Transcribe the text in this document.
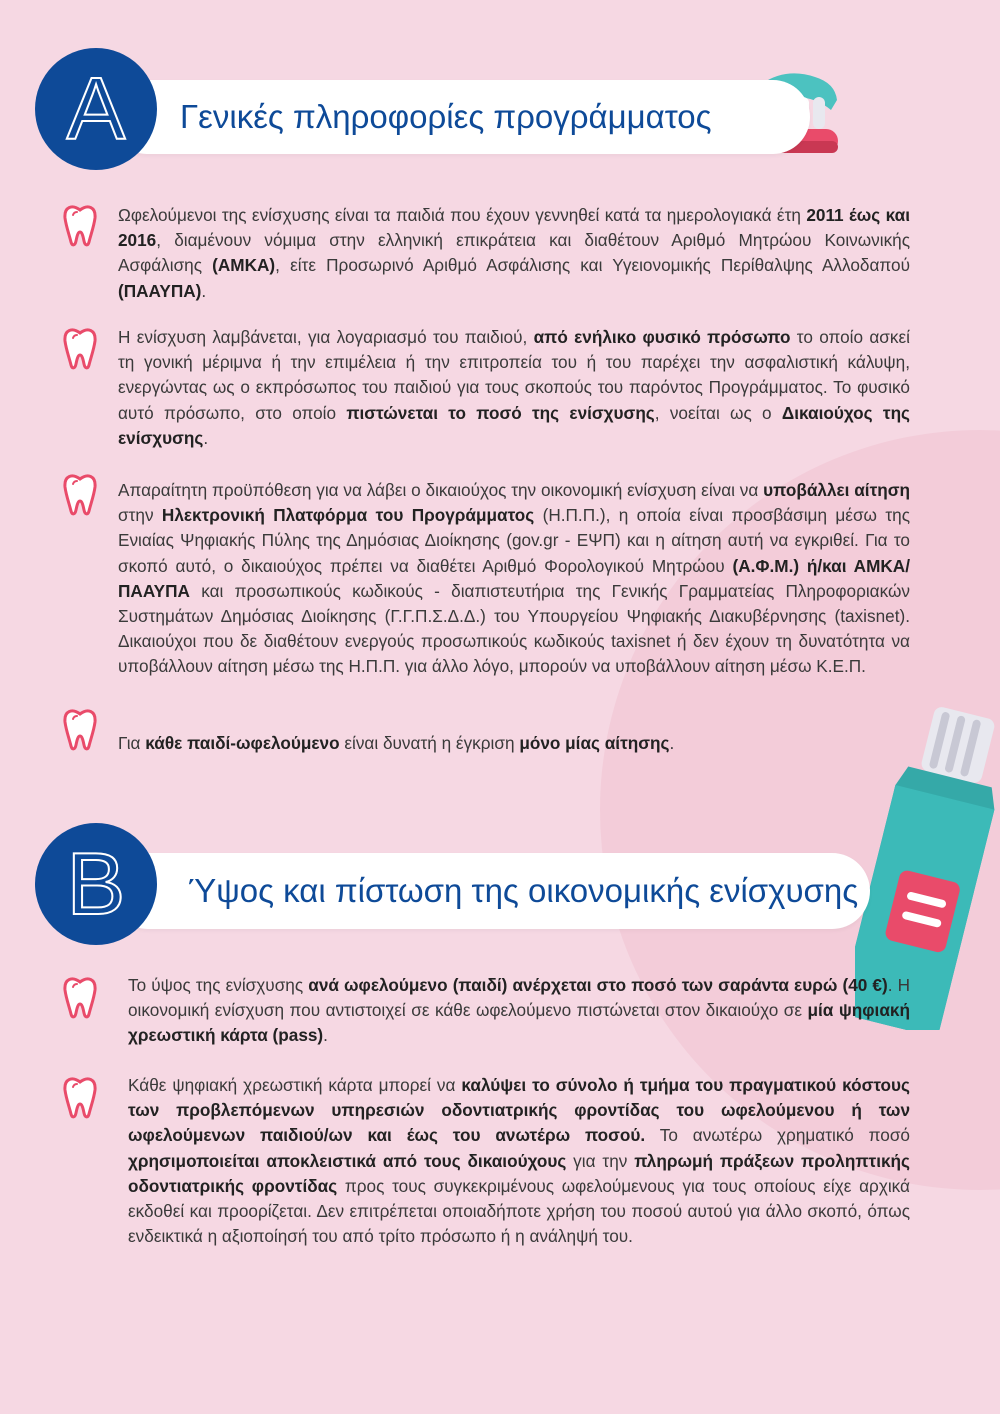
A	Γενικές πληροφορίες προγράμματος
Ωφελούμενοι της ενίσχυσης είναι τα παιδιά που έχουν γεννηθεί κατά τα ημερολογιακά έτη 2011 έως και 2016, διαμένουν νόμιμα στην ελληνική επικράτεια και διαθέτουν Αριθμό Μητρώου Κοινωνικής Ασφάλισης (ΑΜΚΑ), είτε Προσωρινό Αριθμό Ασφάλισης και Υγειονομικής Περίθαλψης Αλλοδαπού (ΠΑΑΥΠΑ).
Η ενίσχυση λαμβάνεται, για λογαριασμό του παιδιού, από ενήλικο φυσικό πρόσωπο το οποίο ασκεί τη γονική μέριμνα ή την επιμέλεια ή την επιτροπεία του ή του παρέχει την ασφαλιστική κάλυψη, ενεργώντας ως ο εκπρόσωπος του παιδιού για τους σκοπούς του παρόντος Προγράμματος. Το φυσικό αυτό πρόσωπο, στο οποίο πιστώνεται το ποσό της ενίσχυσης, νοείται ως ο Δικαιούχος της ενίσχυσης.
Απαραίτητη προϋπόθεση για να λάβει ο δικαιούχος την οικονομική ενίσχυση είναι να υποβάλλει αίτηση στην Ηλεκτρονική Πλατφόρμα του Προγράμματος (Η.Π.Π.), η οποία είναι προσβάσιμη μέσω της Ενιαίας Ψηφιακής Πύλης της Δημόσιας Διοίκησης (gov.gr - ΕΨΠ) και η αίτηση αυτή να εγκριθεί. Για το σκοπό αυτό, ο δικαιούχος πρέπει να διαθέτει Αριθμό Φορολογικού Μητρώου (Α.Φ.Μ.) ή/και ΑΜΚΑ/ ΠΑΑΥΠΑ και προσωπικούς κωδικούς - διαπιστευτήρια της Γενικής Γραμματείας Πληροφοριακών Συστημάτων Δημόσιας Διοίκησης (Γ.Γ.Π.Σ.Δ.Δ.) του Υπουργείου Ψηφιακής Διακυβέρνησης (taxisnet). Δικαιούχοι που δε διαθέτουν ενεργούς προσωπικούς κωδικούς taxisnet ή δεν έχουν τη δυνατότητα να υποβάλλουν αίτηση μέσω της Η.Π.Π. για άλλο λόγο, μπορούν να υποβάλλουν αίτηση μέσω Κ.Ε.Π.
Για κάθε παιδί-ωφελούμενο είναι δυνατή η έγκριση μόνο μίας αίτησης.
B	Ύψος και πίστωση της οικονομικής ενίσχυσης
Το ύψος της ενίσχυσης ανά ωφελούμενο (παιδί) ανέρχεται στο ποσό των σαράντα ευρώ (40 €). Η οικονομική ενίσχυση που αντιστοιχεί σε κάθε ωφελούμενο πιστώνεται στον δικαιούχο σε μία ψηφιακή χρεωστική κάρτα (pass).
Κάθε ψηφιακή χρεωστική κάρτα μπορεί να καλύψει το σύνολο ή τμήμα του πραγματικού κόστους των προβλεπόμενων υπηρεσιών οδοντιατρικής φροντίδας του ωφελούμενου ή των ωφελούμενων παιδιού/ων και έως του ανωτέρω ποσού. Το ανωτέρω χρηματικό ποσό χρησιμοποιείται αποκλειστικά από τους δικαιούχους για την πληρωμή πράξεων προληπτικής οδοντιατρικής φροντίδας προς τους συγκεκριμένους ωφελούμενους για τους οποίους είχε αρχικά εκδοθεί και προορίζεται. Δεν επιτρέπεται οποιαδήποτε χρήση του ποσού αυτού για άλλο σκοπό, όπως ενδεικτικά η αξιοποίησή του από τρίτο πρόσωπο ή η ανάληψή του.
